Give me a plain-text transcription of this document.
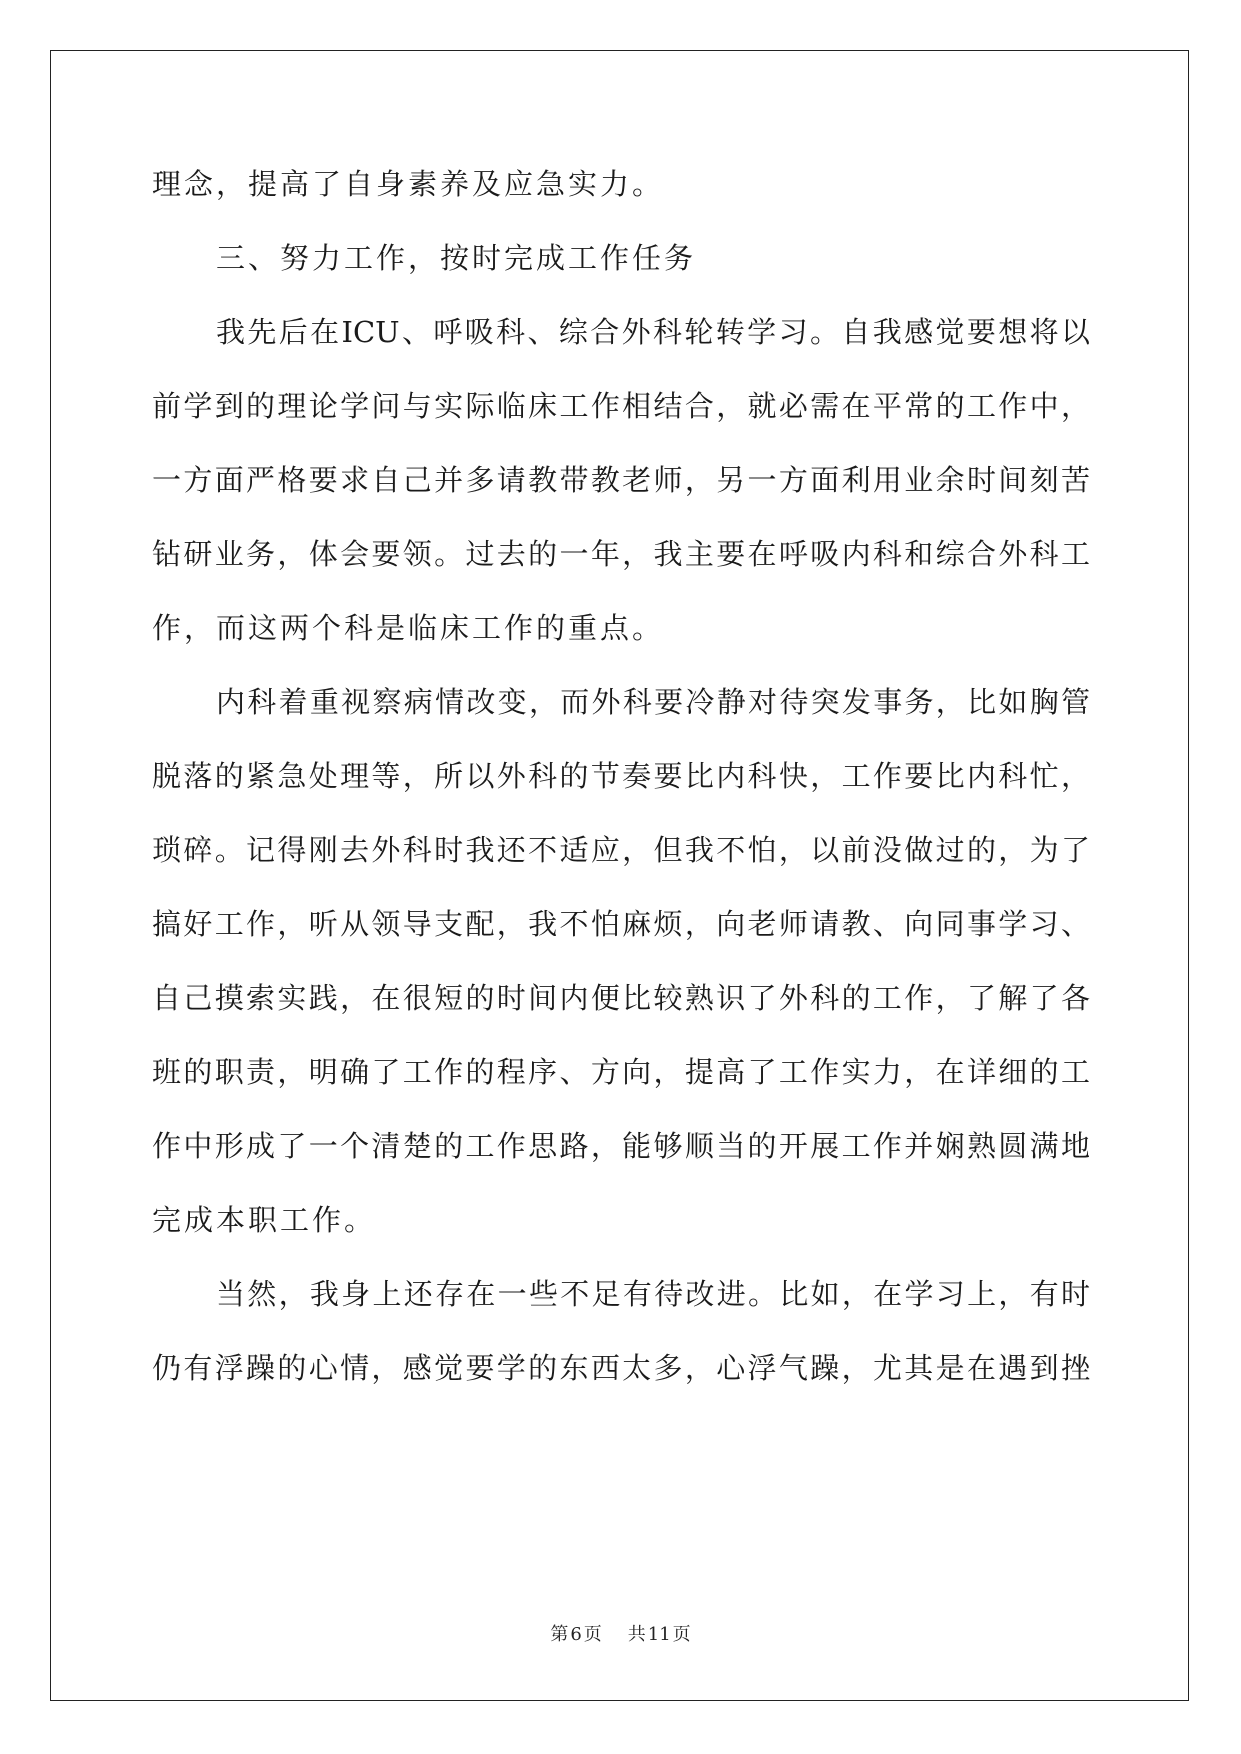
理念，提高了自身素养及应急实力。
三、努力工作，按时完成工作任务
我先后在ICU、呼吸科、综合外科轮转学习。自我感觉要想将以
前学到的理论学问与实际临床工作相结合，就必需在平常的工作中，
一方面严格要求自己并多请教带教老师，另一方面利用业余时间刻苦
钻研业务，体会要领。过去的一年，我主要在呼吸内科和综合外科工
作，而这两个科是临床工作的重点。
内科着重视察病情改变，而外科要冷静对待突发事务，比如胸管
脱落的紧急处理等，所以外科的节奏要比内科快，工作要比内科忙，
琐碎。记得刚去外科时我还不适应，但我不怕，以前没做过的，为了
搞好工作，听从领导支配，我不怕麻烦，向老师请教、向同事学习、
自己摸索实践，在很短的时间内便比较熟识了外科的工作，了解了各
班的职责，明确了工作的程序、方向，提高了工作实力，在详细的工
作中形成了一个清楚的工作思路，能够顺当的开展工作并娴熟圆满地
完成本职工作。
当然，我身上还存在一些不足有待改进。比如，在学习上，有时
仍有浮躁的心情，感觉要学的东西太多，心浮气躁，尤其是在遇到挫
第 6 页 共 11 页
